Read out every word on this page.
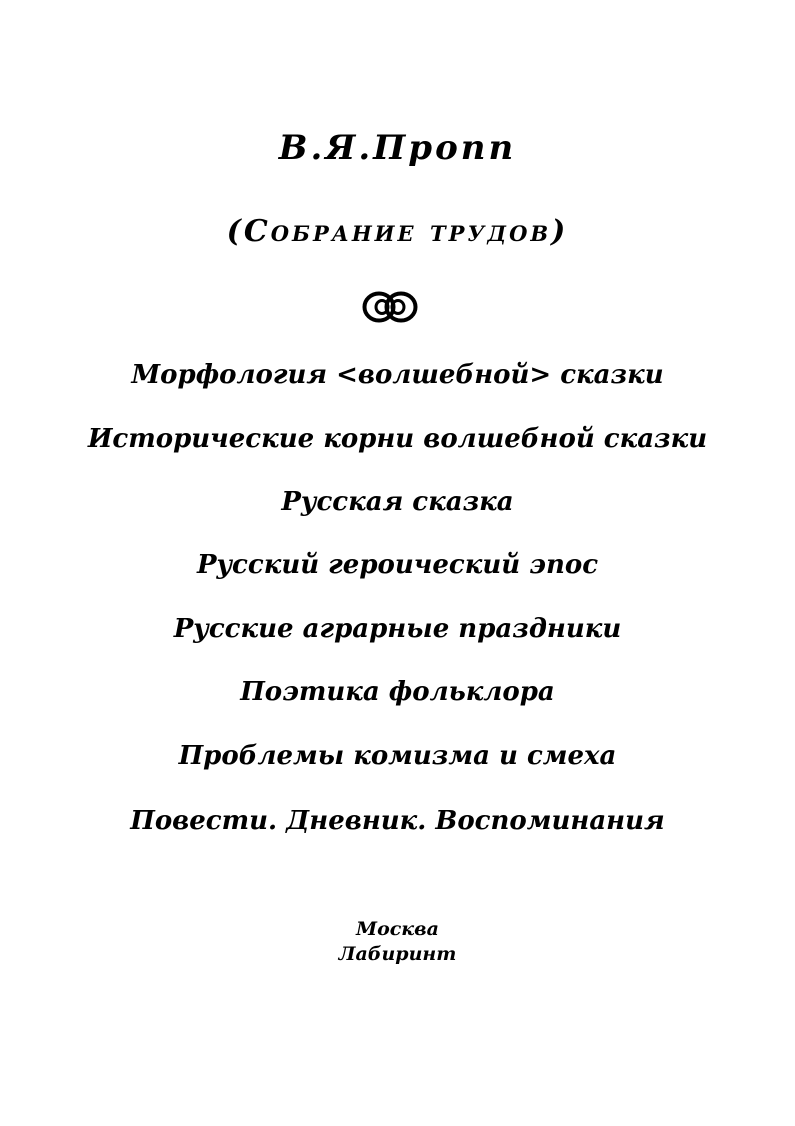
В.Я.Пропп
(Собрание трудов)
Морфология <волшебной> сказки
Исторические корни волшебной сказки
Русская сказка
Русский героический эпос
Русские аграрные праздники
Поэтика фольклора
Проблемы комизма и смеха
Повести. Дневник. Воспоминания
Москва
Лабиринт
